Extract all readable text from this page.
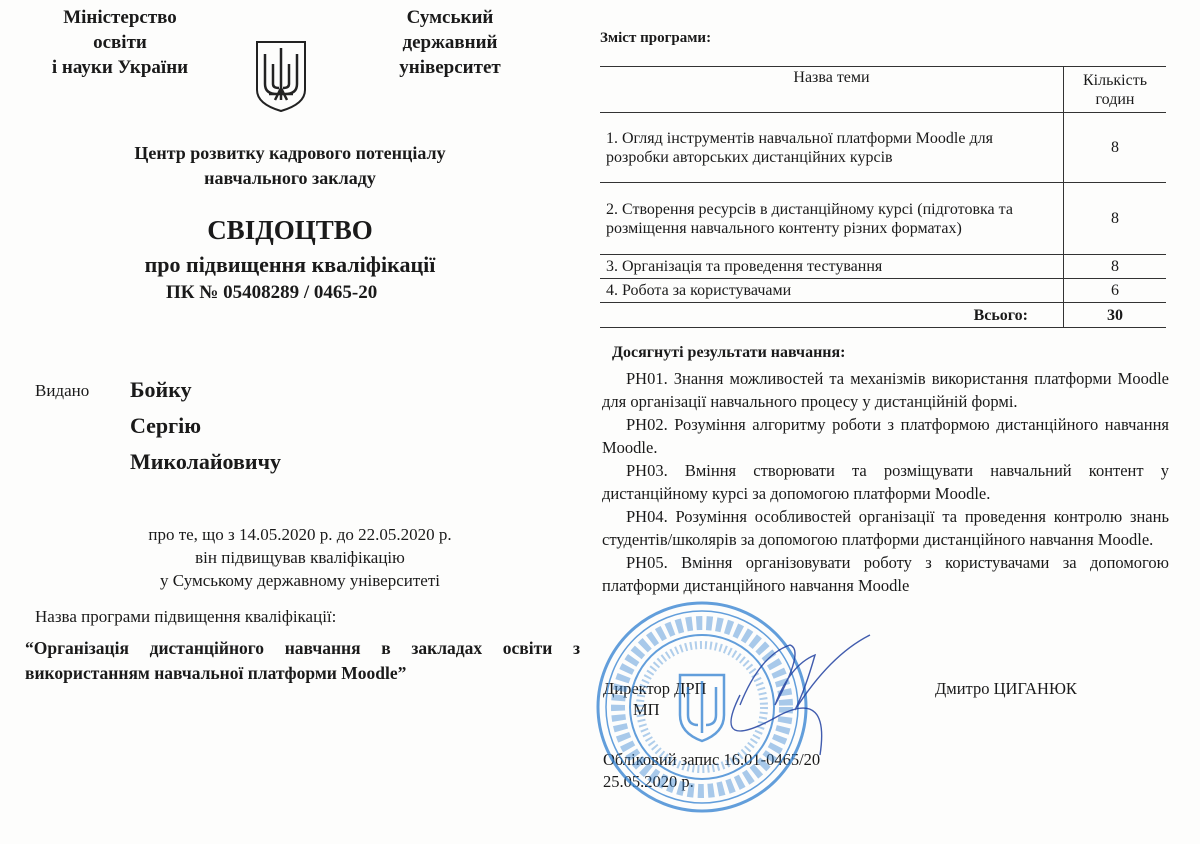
Міністерство
освіти
і науки України
Сумський
державний
університет
Центр розвитку кадрового потенціалу
навчального закладу
СВІДОЦТВО
про підвищення кваліфікації
ПК № 05408289 / 0465-20
Видано Бойку
Сергію
Миколайовичу
про те, що з 14.05.2020 р. до 22.05.2020 р.
він підвищував кваліфікацію
у Сумському державному університеті
Назва програми підвищення кваліфікації:
“Організація дистанційного навчання в закладах освіти з використанням навчальної платформи Moodle”
Зміст програми:
Назва теми	Кількість годин
1. Огляд інструментів навчальної платформи Moodle для розробки авторських дистанційних курсів	8
2. Створення ресурсів в дистанційному курсі (підготовка та розміщення навчального контенту різних форматах)	8
3. Організація та проведення тестування	8
4. Робота за користувачами	6
Всього:	30
Досягнуті результати навчання:

РН01. Знання можливостей та механізмів використання платформи Moodle для організації навчального процесу у дистанційній формі.

РН02. Розуміння алгоритму роботи з платформою дистанційного навчання Moodle.

РН03. Вміння створювати та розміщувати навчальний контент у дистанційному курсі за допомогою платформи Moodle.

РН04. Розуміння особливостей організації та проведення контролю знань студентів/школярів за допомогою платформи дистанційного навчання Moodle.

РН05. Вміння організовувати роботу з користувачами за допомогою платформи дистанційного навчання Moodle

Директор ДРП
МП
Дмитро ЦИГАНЮК
Обліковий запис 16.01-0465/20
25.05.2020 р.
